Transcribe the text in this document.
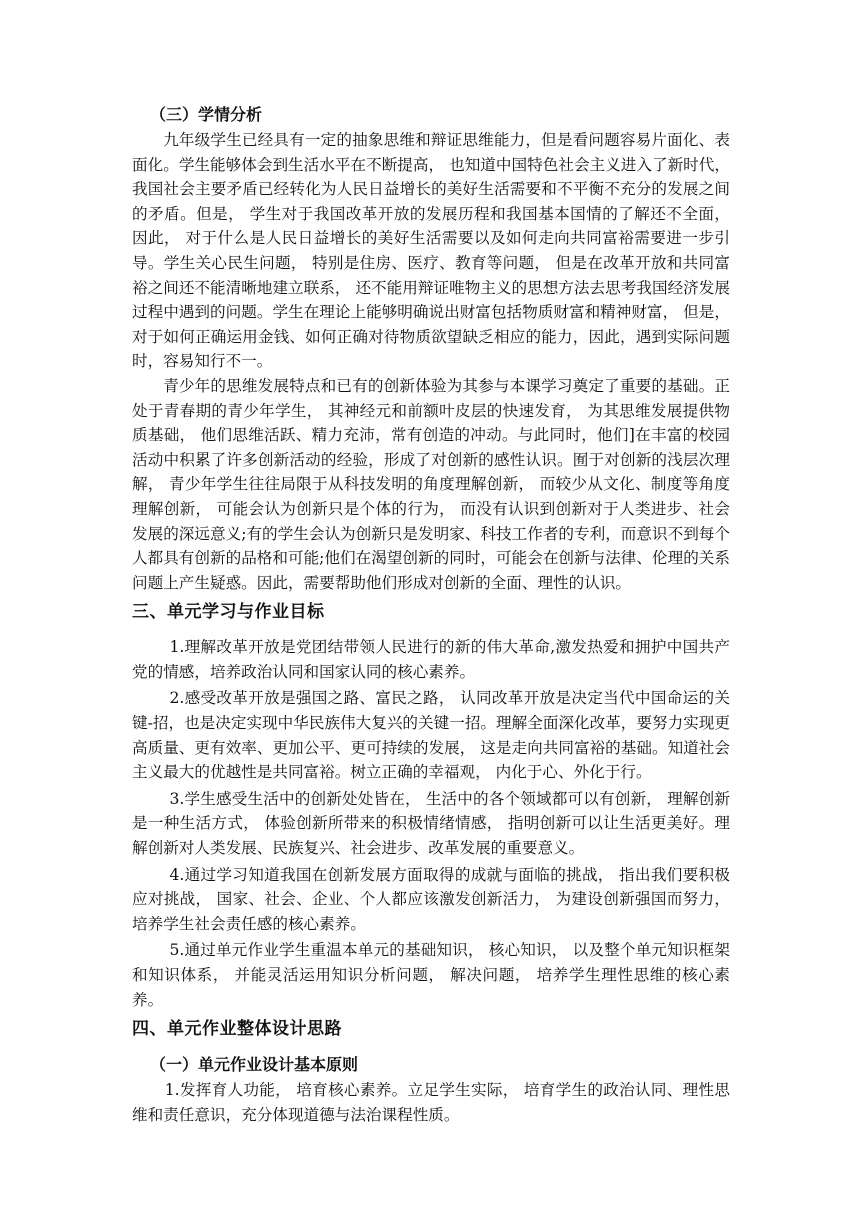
（三）学情分析

九年级学生已经具有一定的抽象思维和辩证思维能力，但是看问题容易片面化、表面化。学生能够体会到生活水平在不断提高， 也知道中国特色社会主义进入了新时代， 我国社会主要矛盾已经转化为人民日益增长的美好生活需要和不平衡不充分的发展之间的矛盾。但是， 学生对于我国改革开放的发展历程和我国基本国情的了解还不全面， 因此， 对于什么是人民日益增长的美好生活需要以及如何走向共同富裕需要进一步引导。学生关心民生问题， 特别是住房、医疗、教育等问题， 但是在改革开放和共同富裕之间还不能清晰地建立联系， 还不能用辩证唯物主义的思想方法去思考我国经济发展过程中遇到的问题。学生在理论上能够明确说出财富包括物质财富和精神财富， 但是， 对于如何正确运用金钱、如何正确对待物质欲望缺乏相应的能力，因此，遇到实际问题时，容易知行不一。

青少年的思维发展特点和已有的创新体验为其参与本课学习奠定了重要的基础。正处于青春期的青少年学生， 其神经元和前额叶皮层的快速发育， 为其思维发展提供物质基础， 他们思维活跃、精力充沛，常有创造的冲动。与此同时，他们]在丰富的校园活动中积累了许多创新活动的经验，形成了对创新的感性认识。囿于对创新的浅层次理解， 青少年学生往往局限于从科技发明的角度理解创新， 而较少从文化、制度等角度理解创新， 可能会认为创新只是个体的行为， 而没有认识到创新对于人类进步、社会发展的深远意义;有的学生会认为创新只是发明家、科技工作者的专利，而意识不到每个人都具有创新的品格和可能;他们在渴望创新的同时，可能会在创新与法律、伦理的关系问题上产生疑惑。因此，需要帮助他们形成对创新的全面、理性的认识。

三、单元学习与作业目标

1.理解改革开放是党团结带领人民进行的新的伟大革命,激发热爱和拥护中国共产党的情感，培养政治认同和国家认同的核心素养。

2.感受改革开放是强国之路、富民之路， 认同改革开放是决定当代中国命运的关键-招，也是决定实现中华民族伟大复兴的关键一招。理解全面深化改革，要努力实现更高质量、更有效率、更加公平、更可持续的发展， 这是走向共同富裕的基础。知道社会主义最大的优越性是共同富裕。树立正确的幸福观， 内化于心、外化于行。

3.学生感受生活中的创新处处皆在， 生活中的各个领域都可以有创新， 理解创新是一种生活方式， 体验创新所带来的积极情绪情感， 指明创新可以让生活更美好。理解创新对人类发展、民族复兴、社会进步、改革发展的重要意义。

4.通过学习知道我国在创新发展方面取得的成就与面临的挑战， 指出我们要积极应对挑战， 国家、社会、企业、个人都应该激发创新活力， 为建设创新强国而努力，培养学生社会责任感的核心素养。

5.通过单元作业学生重温本单元的基础知识， 核心知识， 以及整个单元知识框架和知识体系， 并能灵活运用知识分析问题， 解决问题， 培养学生理性思维的核心素养。

四、单元作业整体设计思路
（一）单元作业设计基本原则

1.发挥育人功能， 培育核心素养。立足学生实际， 培育学生的政治认同、理性思维和责任意识，充分体现道德与法治课程性质。
